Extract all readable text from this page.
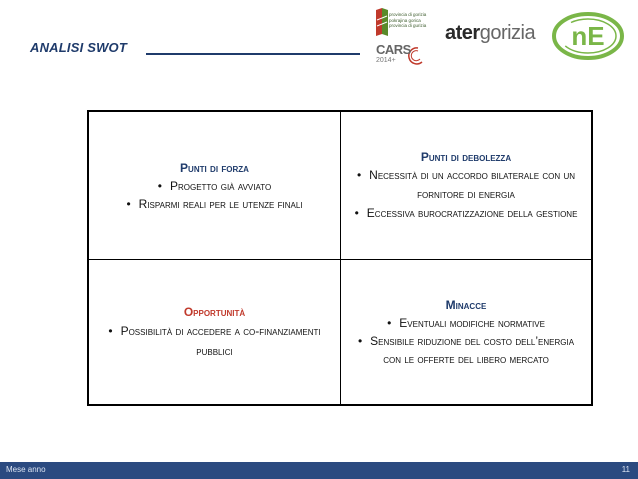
ANALISI SWOT
provincia di gorizia
pokrajina gorica
provincia di gurizia
CARS
2014+
atergorizia nE
Punti di forza
• Progetto già avviato
• Risparmi reali per le utenze finali
Punti di debolezza
• Necessità di un accordo bilaterale con un fornitore di energia
• Eccessiva burocratizzazione della gestione
Opportunità
• Possibilità di accedere a co-finanziamenti pubblici
Minacce
• Eventuali modifiche normative
• Sensibile riduzione del costo dell’energia con le offerte del libero mercato
Mese anno	11
